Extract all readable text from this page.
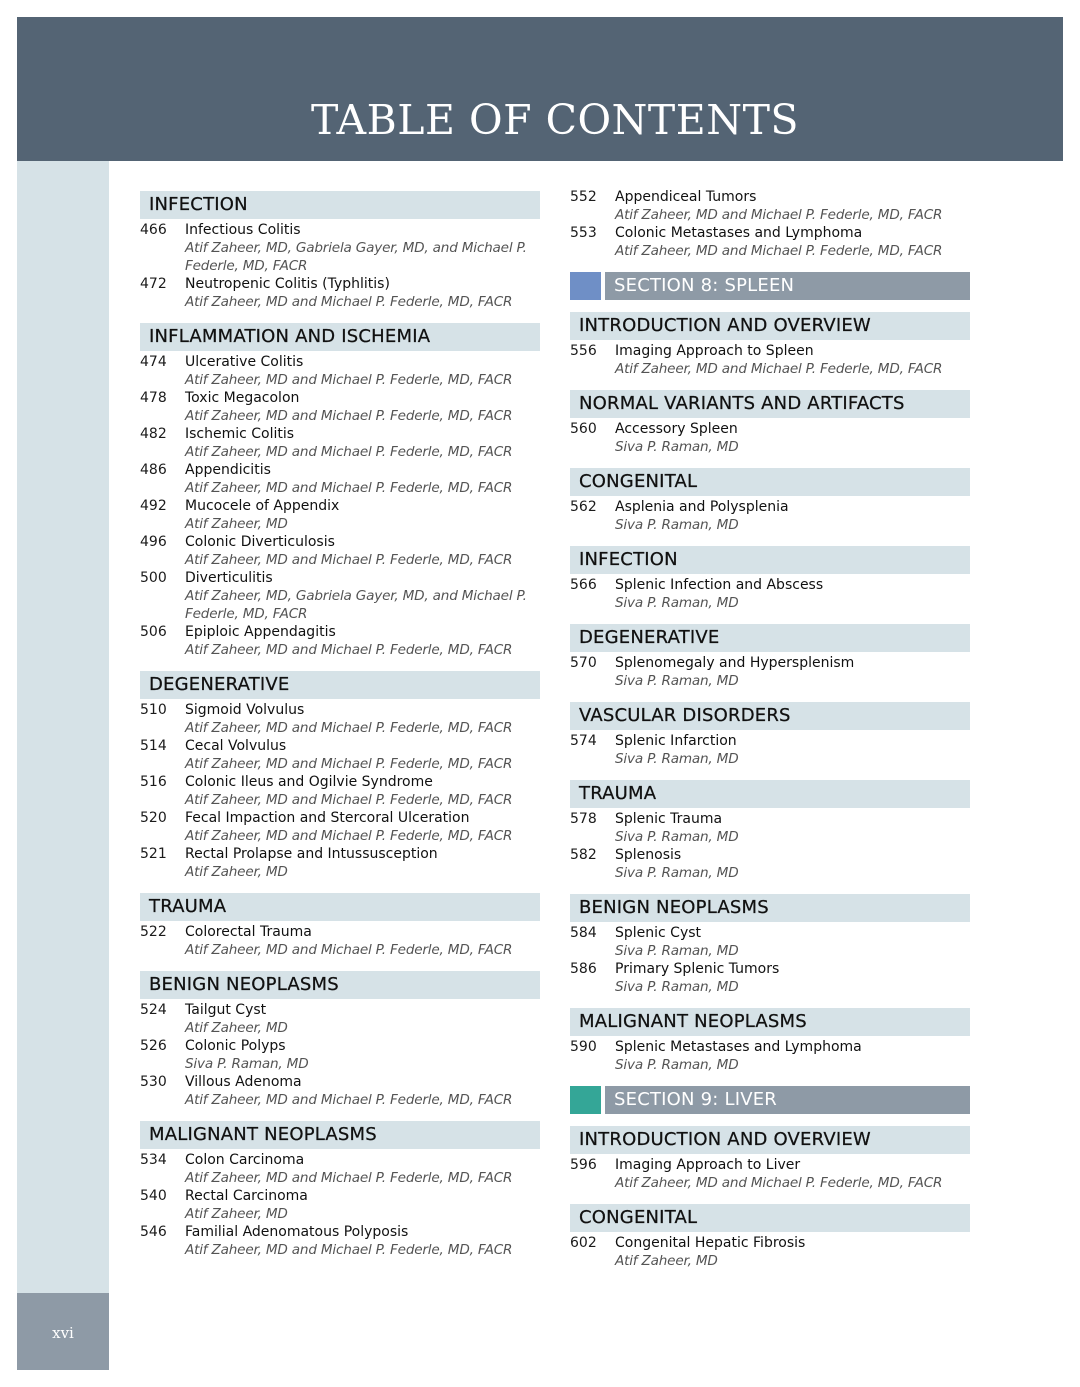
TABLE OF CONTENTS
xvi
INFECTION
466	Infectious Colitis
Atif Zaheer, MD, Gabriela Gayer, MD, and Michael P.
Federle, MD, FACR
472	Neutropenic Colitis (Typhlitis)
Atif Zaheer, MD and Michael P. Federle, MD, FACR
INFLAMMATION AND ISCHEMIA
474	Ulcerative Colitis
Atif Zaheer, MD and Michael P. Federle, MD, FACR
478	Toxic Megacolon
Atif Zaheer, MD and Michael P. Federle, MD, FACR
482	Ischemic Colitis
Atif Zaheer, MD and Michael P. Federle, MD, FACR
486	Appendicitis
Atif Zaheer, MD and Michael P. Federle, MD, FACR
492	Mucocele of Appendix
Atif Zaheer, MD
496	Colonic Diverticulosis
Atif Zaheer, MD and Michael P. Federle, MD, FACR
500	Diverticulitis
Atif Zaheer, MD, Gabriela Gayer, MD, and Michael P.
Federle, MD, FACR
506	Epiploic Appendagitis
Atif Zaheer, MD and Michael P. Federle, MD, FACR
DEGENERATIVE
510	Sigmoid Volvulus
Atif Zaheer, MD and Michael P. Federle, MD, FACR
514	Cecal Volvulus
Atif Zaheer, MD and Michael P. Federle, MD, FACR
516	Colonic Ileus and Ogilvie Syndrome
Atif Zaheer, MD and Michael P. Federle, MD, FACR
520	Fecal Impaction and Stercoral Ulceration
Atif Zaheer, MD and Michael P. Federle, MD, FACR
521	Rectal Prolapse and Intussusception
Atif Zaheer, MD
TRAUMA
522	Colorectal Trauma
Atif Zaheer, MD and Michael P. Federle, MD, FACR
BENIGN NEOPLASMS
524	Tailgut Cyst
Atif Zaheer, MD
526	Colonic Polyps
Siva P. Raman, MD
530	Villous Adenoma
Atif Zaheer, MD and Michael P. Federle, MD, FACR
MALIGNANT NEOPLASMS
534	Colon Carcinoma
Atif Zaheer, MD and Michael P. Federle, MD, FACR
540	Rectal Carcinoma
Atif Zaheer, MD
546	Familial Adenomatous Polyposis
Atif Zaheer, MD and Michael P. Federle, MD, FACR
552	Appendiceal Tumors
Atif Zaheer, MD and Michael P. Federle, MD, FACR
553	Colonic Metastases and Lymphoma
Atif Zaheer, MD and Michael P. Federle, MD, FACR
SECTION 8: SPLEEN
INTRODUCTION AND OVERVIEW
556	Imaging Approach to Spleen
Atif Zaheer, MD and Michael P. Federle, MD, FACR
NORMAL VARIANTS AND ARTIFACTS
560	Accessory Spleen
Siva P. Raman, MD
CONGENITAL
562	Asplenia and Polysplenia
Siva P. Raman, MD
INFECTION
566	Splenic Infection and Abscess
Siva P. Raman, MD
DEGENERATIVE
570	Splenomegaly and Hypersplenism
Siva P. Raman, MD
VASCULAR DISORDERS
574	Splenic Infarction
Siva P. Raman, MD
TRAUMA
578	Splenic Trauma
Siva P. Raman, MD
582	Splenosis
Siva P. Raman, MD
BENIGN NEOPLASMS
584	Splenic Cyst
Siva P. Raman, MD
586	Primary Splenic Tumors
Siva P. Raman, MD
MALIGNANT NEOPLASMS
590	Splenic Metastases and Lymphoma
Siva P. Raman, MD
SECTION 9: LIVER
INTRODUCTION AND OVERVIEW
596	Imaging Approach to Liver
Atif Zaheer, MD and Michael P. Federle, MD, FACR
CONGENITAL
602	Congenital Hepatic Fibrosis
Atif Zaheer, MD
